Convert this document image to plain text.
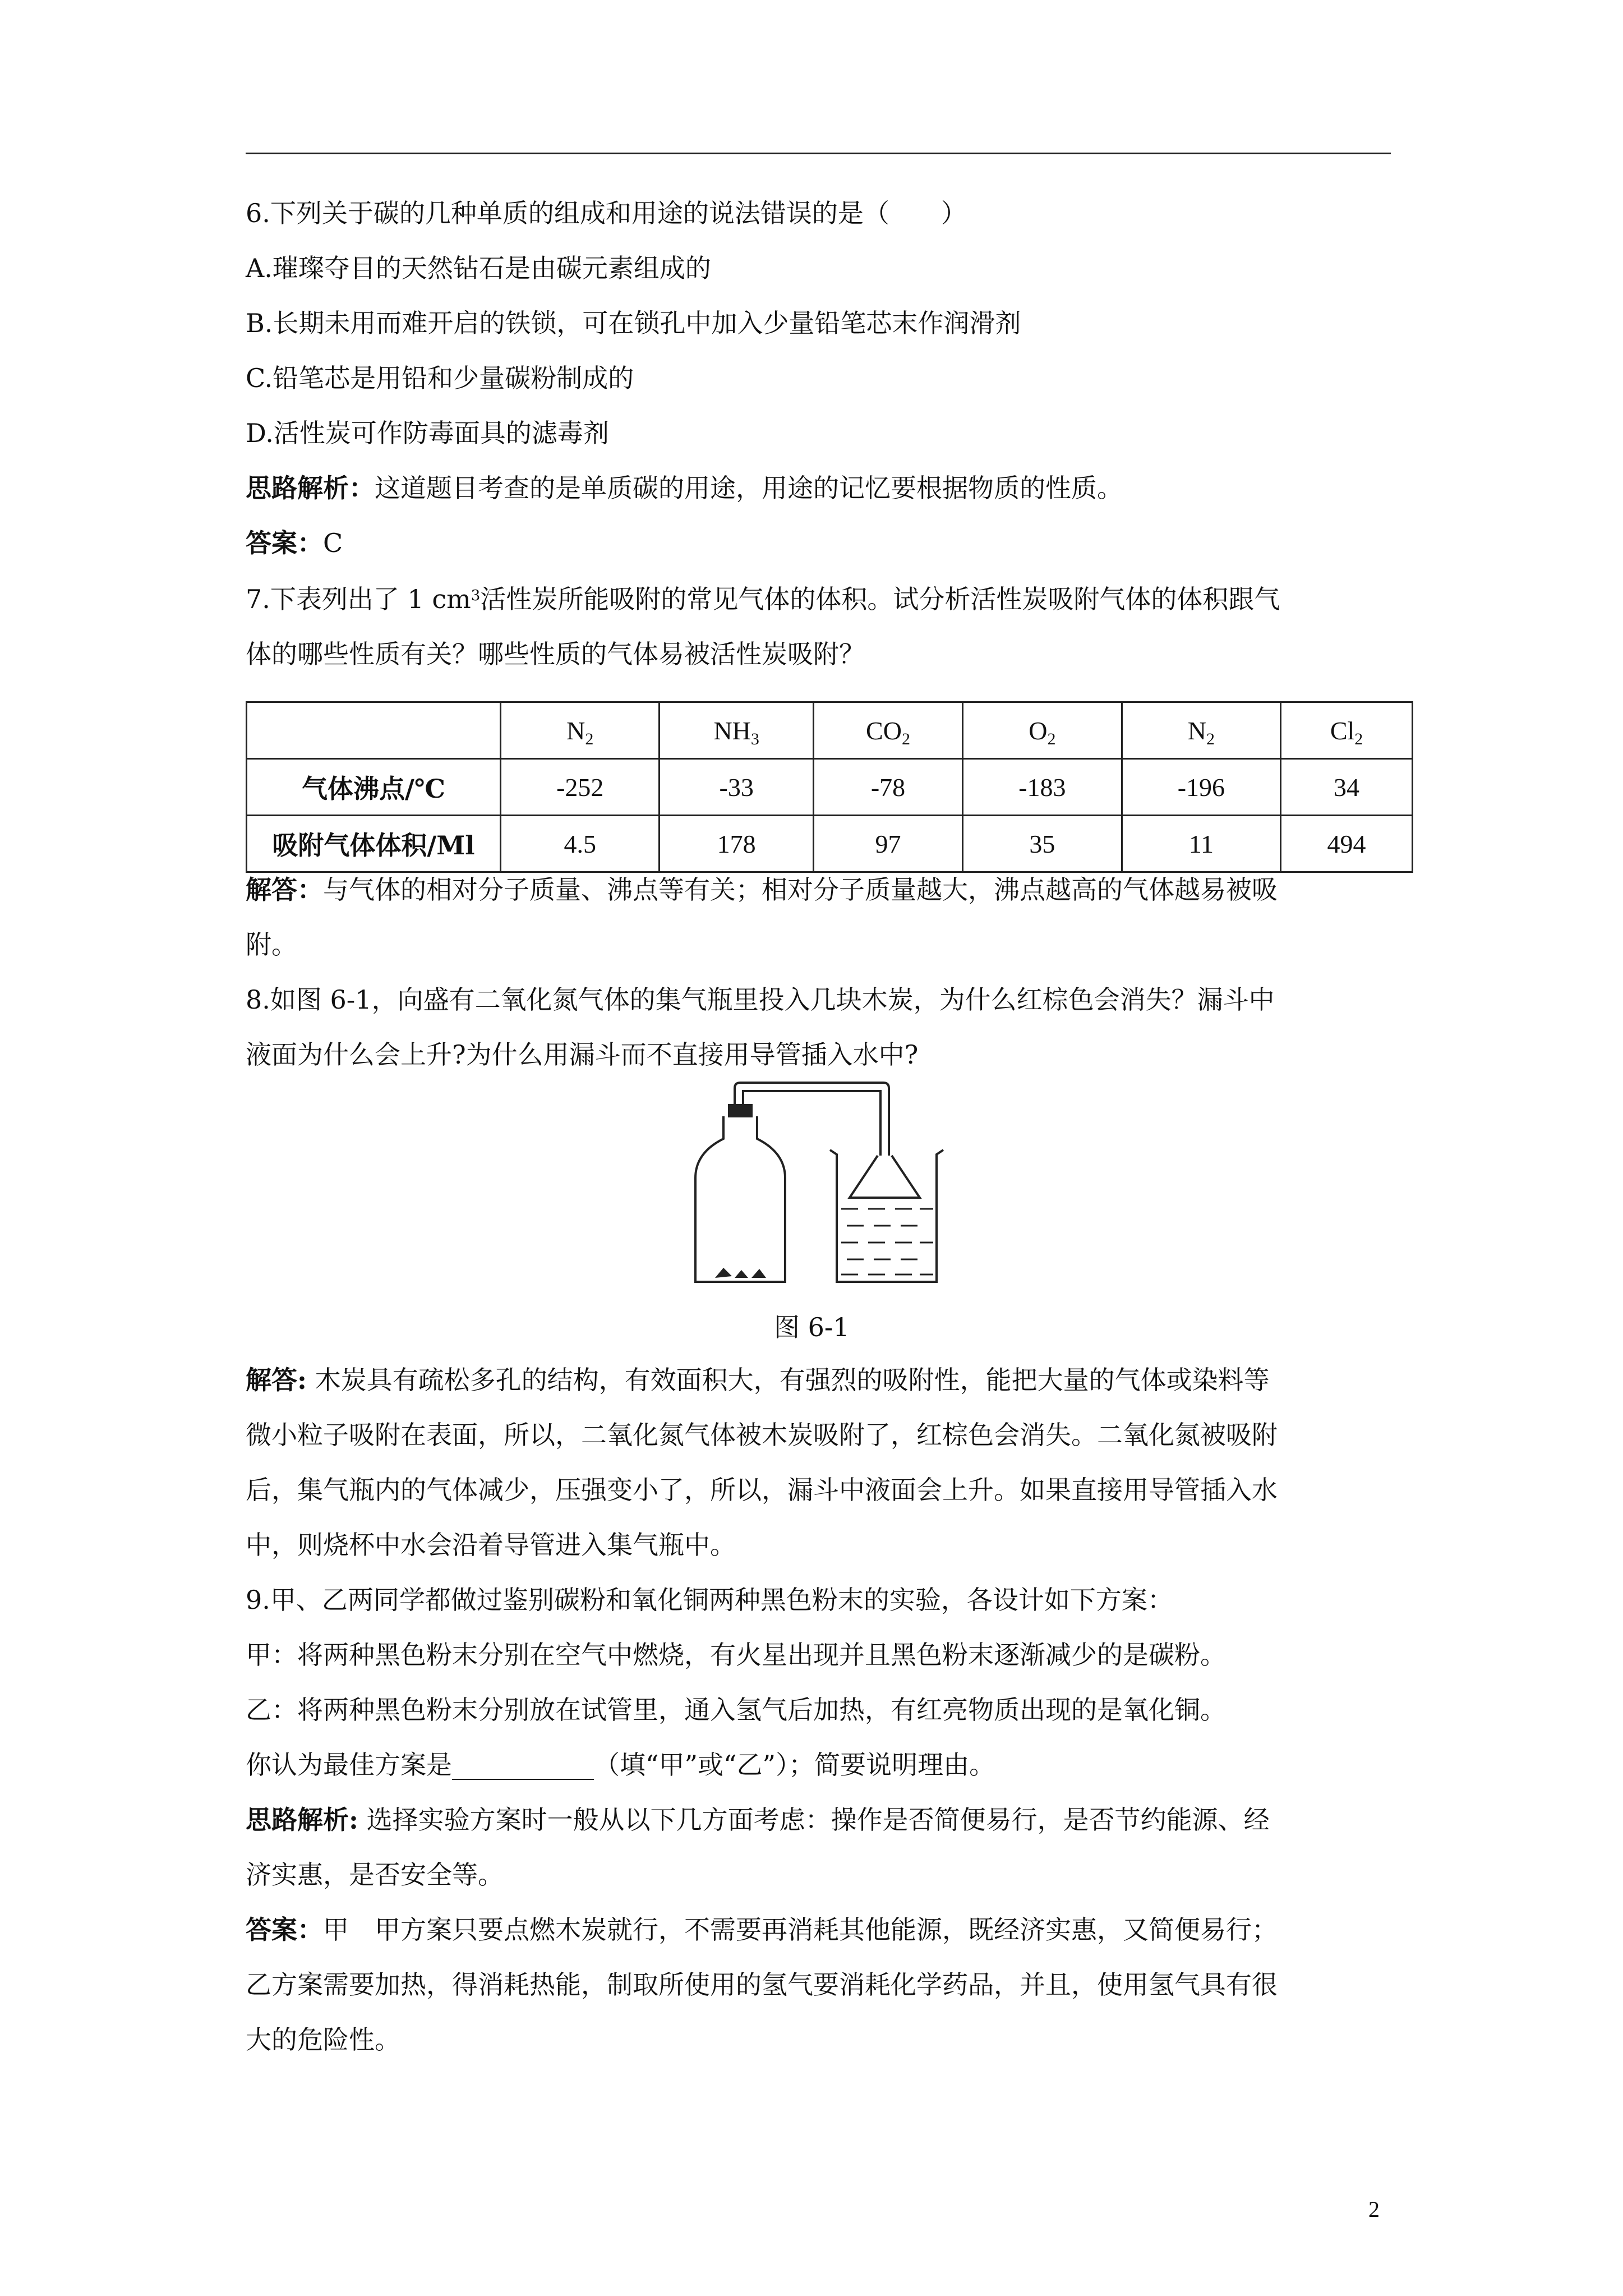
6.下列关于碳的几种单质的组成和用途的说法错误的是（　　）
A.璀璨夺目的天然钻石是由碳元素组成的
B.长期未用而难开启的铁锁，可在锁孔中加入少量铅笔芯末作润滑剂
C.铅笔芯是用铅和少量碳粉制成的
D.活性炭可作防毒面具的滤毒剂
思路解析：这道题目考查的是单质碳的用途，用途的记忆要根据物质的性质。
答案：C
7.下表列出了 1 $cm^3$活性炭所能吸附的常见气体的体积。试分析活性炭吸附气体的体积跟气
体的哪些性质有关？哪些性质的气体易被活性炭吸附？
	$N_2$	$NH_3$	$CO_2$	$O_2$	$N_2$	$Cl_2$
气体沸点/℃	-252	-33	-78	-183	-196	34
吸附气体体积/Ml	4.5	178	97	35	11	494
解答：与气体的相对分子质量、沸点等有关；相对分子质量越大，沸点越高的气体越易被吸
附。
8.如图 6-1，向盛有二氧化氮气体的集气瓶里投入几块木炭，为什么红棕色会消失？漏斗中
液面为什么会上升?为什么用漏斗而不直接用导管插入水中?
图 6-1
解答: 木炭具有疏松多孔的结构，有效面积大，有强烈的吸附性，能把大量的气体或染料等
微小粒子吸附在表面，所以，二氧化氮气体被木炭吸附了，红棕色会消失。二氧化氮被吸附
后，集气瓶内的气体减少，压强变小了，所以，漏斗中液面会上升。如果直接用导管插入水
中，则烧杯中水会沿着导管进入集气瓶中。
9.甲、乙两同学都做过鉴别碳粉和氧化铜两种黑色粉末的实验，各设计如下方案：
甲：将两种黑色粉末分别在空气中燃烧，有火星出现并且黑色粉末逐渐减少的是碳粉。
乙：将两种黑色粉末分别放在试管里，通入氢气后加热，有红亮物质出现的是氧化铜。
你认为最佳方案是___________（填“甲”或“乙”）；简要说明理由。
思路解析: 选择实验方案时一般从以下几方面考虑：操作是否简便易行，是否节约能源、经
济实惠，是否安全等。
答案：甲　甲方案只要点燃木炭就行，不需要再消耗其他能源，既经济实惠，又简便易行；
乙方案需要加热，得消耗热能，制取所使用的氢气要消耗化学药品，并且，使用氢气具有很
大的危险性。
2
